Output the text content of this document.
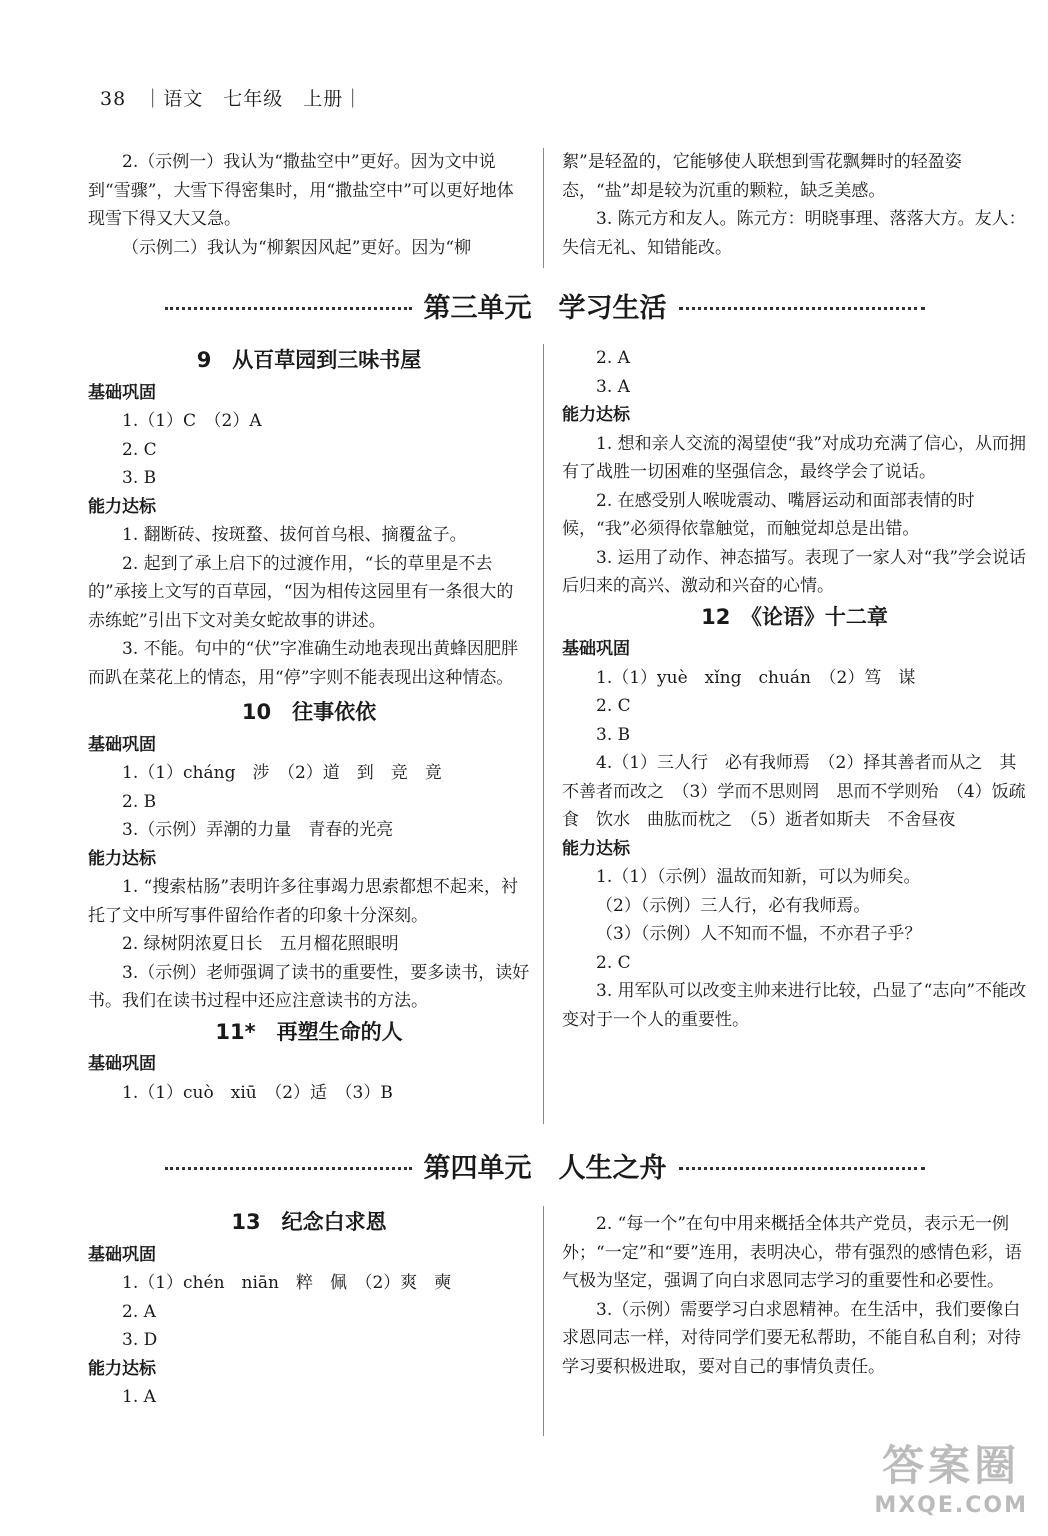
38 ｜语文　七年级　上册｜

2.（示例一）我认为“撒盐空中”更好。因为文中说到“雪骤”，大雪下得密集时，用“撒盐空中”可以更好地体现雪下得又大又急。

（示例二）我认为“柳絮因风起”更好。因为“柳

絮”是轻盈的，它能够使人联想到雪花飘舞时的轻盈姿态，“盐”却是较为沉重的颗粒，缺乏美感。

3. 陈元方和友人。陈元方：明晓事理、落落大方。友人：失信无礼、知错能改。

第三单元　学习生活
9　从百草园到三味书屋

基础巩固

1.（1）C　（2）A

2. C

3. B

能力达标

1. 翻断砖、按斑蝥、拔何首乌根、摘覆盆子。

2. 起到了承上启下的过渡作用，“长的草里是不去的”承接上文写的百草园，“因为相传这园里有一条很大的赤练蛇”引出下文对美女蛇故事的讲述。

3. 不能。句中的“伏”字准确生动地表现出黄蜂因肥胖而趴在菜花上的情态，用“停”字则不能表现出这种情态。

10　往事依依

基础巩固

1.（1）cháng　涉　（2）道　到　竞　竟

2. B

3.（示例）弄潮的力量　青春的光亮

能力达标

1. “搜索枯肠”表明许多往事竭力思索都想不起来，衬托了文中所写事件留给作者的印象十分深刻。

2. 绿树阴浓夏日长　五月榴花照眼明

3.（示例）老师强调了读书的重要性，要多读书，读好书。我们在读书过程中还应注意读书的方法。

11*　再塑生命的人

基础巩固

1.（1）cuò　xiū　（2）适　（3）B

2. A

3. A

能力达标

1. 想和亲人交流的渴望使“我”对成功充满了信心，从而拥有了战胜一切困难的坚强信念，最终学会了说话。

2. 在感受别人喉咙震动、嘴唇运动和面部表情的时候，“我”必须得依靠触觉，而触觉却总是出错。

3. 运用了动作、神态描写。表现了一家人对“我”学会说话后归来的高兴、激动和兴奋的心情。

12　《论语》十二章

基础巩固

1.（1）yuè　xǐng　chuán　（2）笃　谋

2. C

3. B

4.（1）三人行　必有我师焉　（2）择其善者而从之　其不善者而改之　（3）学而不思则罔　思而不学则殆　（4）饭疏食　饮水　曲肱而枕之　（5）逝者如斯夫　不舍昼夜

能力达标

1.（1）（示例）温故而知新，可以为师矣。

（2）（示例）三人行，必有我师焉。

（3）（示例）人不知而不愠，不亦君子乎？

2. C

3. 用军队可以改变主帅来进行比较，凸显了“志向”不能改变对于一个人的重要性。

第四单元　人生之舟
13　纪念白求恩

基础巩固

1.（1）chén　niān　粹　佩　（2）爽　奭

2. A

3. D

能力达标

1. A

2. “每一个”在句中用来概括全体共产党员，表示无一例外；“一定”和“要”连用，表明决心，带有强烈的感情色彩，语气极为坚定，强调了向白求恩同志学习的重要性和必要性。

3.（示例）需要学习白求恩精神。在生活中，我们要像白求恩同志一样，对待同学们要无私帮助，不能自私自利；对待学习要积极进取，要对自己的事情负责任。

答案圈
MXQE.COM
